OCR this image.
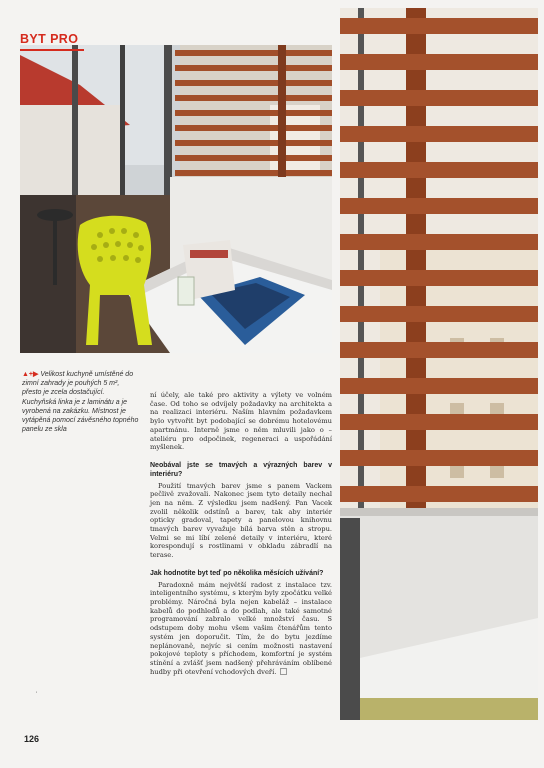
BYT PRO
▲+▶ Velikost kuchyně umístěné do zimní zahrady je pouhých 5 m², přesto je zcela dostačující. Kuchyňská linka je z laminátu a je vyrobená na zakázku. Místnost je vytápěná pomocí závěsného topného panelu ze skla

ní účely, ale také pro aktivity a výlety ve volném čase. Od toho se odvíjely požadavky na architekta a na realizaci interiéru. Naším hlavním požadavkem bylo vytvořit byt podobající se dobrému hotelovému apartmánu. Interně jsme o něm mluvili jako o – ateliéru pro odpočinek, regeneraci a uspořádání myšlenek.

Neobával jste se tmavých a výrazných barev v interiéru?

Použití tmavých barev jsme s panem Vackem pečlivě zvažovali. Nakonec jsem tyto detaily nechal jen na něm. Z výsledku jsem nadšený. Pan Vacek zvolil několik odstínů a barev, tak aby interiér opticky gradoval, tapety a panelovou knihovnu tmavých barev vyvažuje bílá barva stěn a stropu. Velmi se mi líbí zelené detaily v interiéru, které korespondují s rostlinami v obkladu zábradlí na terase.

Jak hodnotíte byt teď po několika měsících užívání?

Paradoxně mám největší radost z instalace tzv. inteligentního systému, s kterým byly zpočátku velké problémy. Náročná byla nejen kabeláž – instalace kabelů do podhledů a do podlah, ale také samotné programování zabralo velké množství času. S odstupem doby mohu všem vašim čtenářům tento systém jen doporučit. Tím, že do bytu jezdíme neplánovaně, nejvíc si cením možnosti nastavení pokojové teploty s příchodem, komfortní je systém stínění a zvlášť jsem nadšený přehráváním oblíbené hudby při otevření vchodových dveří.

'
126
